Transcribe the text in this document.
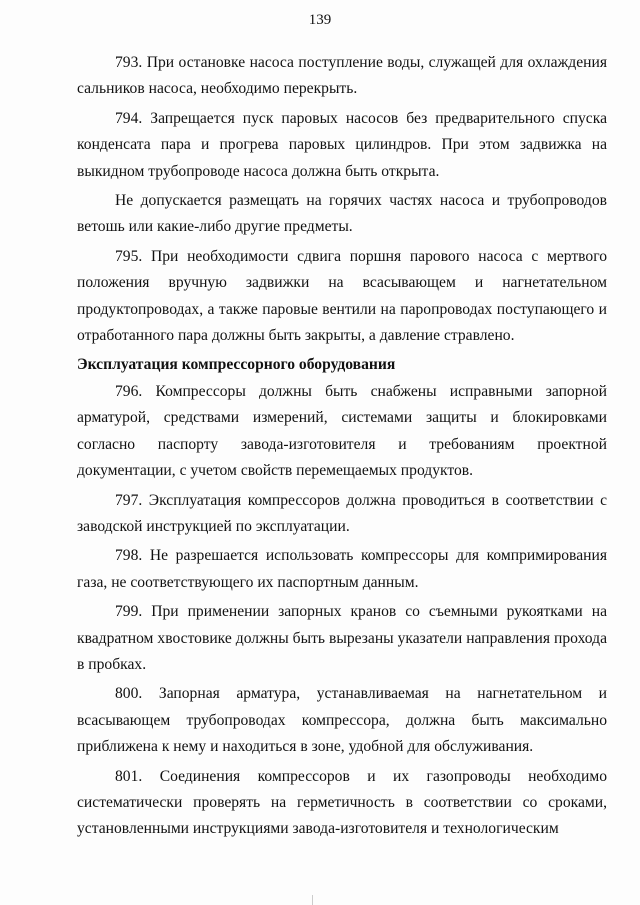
139

793. При остановке насоса поступление воды, служащей для охлаждения сальников насоса, необходимо перекрыть.

794. Запрещается пуск паровых насосов без предварительного спуска конденсата пара и прогрева паровых цилиндров. При этом задвижка на выкидном трубопроводе насоса должна быть открыта.

Не допускается размещать на горячих частях насоса и трубопроводов ветошь или какие-либо другие предметы.

795. При необходимости сдвига поршня парового насоса с мертвого положения вручную задвижки на всасывающем и нагнетательном продуктопроводах, а также паровые вентили на паропроводах поступающего и отработанного пара должны быть закрыты, а давление стравлено.

Эксплуатация компрессорного оборудования

796. Компрессоры должны быть снабжены исправными запорной арматурой, средствами измерений, системами защиты и блокировками согласно паспорту завода-изготовителя и требованиям проектной документации, с учетом свойств перемещаемых продуктов.

797. Эксплуатация компрессоров должна проводиться в соответствии с заводской инструкцией по эксплуатации.

798. Не разрешается использовать компрессоры для компримирования газа, не соответствующего их паспортным данным.

799. При применении запорных кранов со съемными рукоятками на квадратном хвостовике должны быть вырезаны указатели направления прохода в пробках.

800. Запорная арматура, устанавливаемая на нагнетательном и всасывающем трубопроводах компрессора, должна быть максимально приближена к нему и находиться в зоне, удобной для обслуживания.

801. Соединения компрессоров и их газопроводы необходимо систематически проверять на герметичность в соответствии со сроками, установленными инструкциями завода-изготовителя и технологическим
